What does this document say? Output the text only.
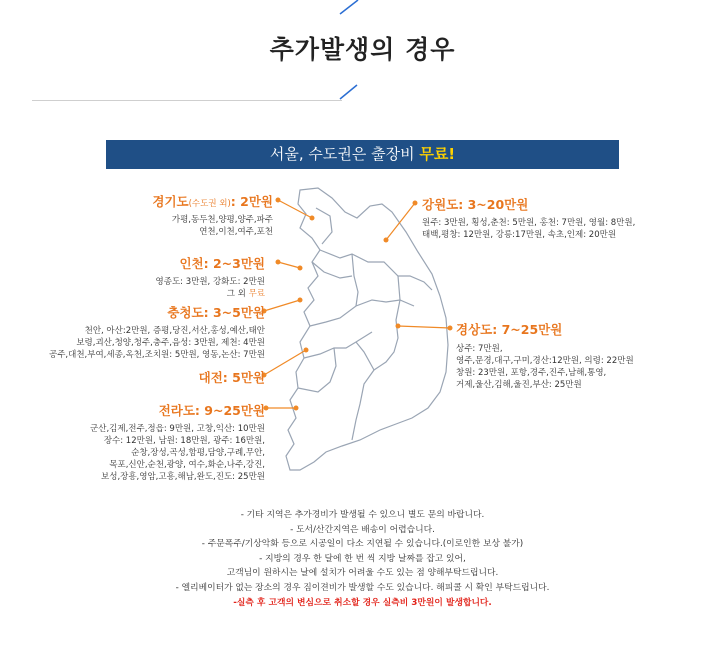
추가발생의 경우
서울, 수도권은 출장비 무료!
경기도(수도권 외): 2만원
가평,동두천,양평,양주,파주
연천,이천,여주,포천
인천: 2~3만원
영종도: 3만원, 강화도: 2만원
그 외 무료
충청도: 3~5만원
천안, 아산:2만원, 증평,당진,서산,홍성,예산,태안
보령,괴산,청양,청주,충주,음성: 3만원, 제천: 4만원
공주,대천,부여,세종,옥천,조치원: 5만원, 영동,논산: 7만원
대전: 5만원
전라도: 9~25만원
군산,김제,전주,정읍: 9만원, 고창,익산: 10만원
장수: 12만원, 남원: 18만원, 광주: 16만원,
순창,장성,곡성,함평,담양,구례,무안,
목포,신안,순천,광양, 여수,화순,나주,강진,
보성,장흥,영암,고흥,해남,완도,진도: 25만원
강원도: 3~20만원
원주: 3만원, 횡성,춘천: 5만원, 홍천: 7만원, 영월: 8만원,
태백,평창: 12만원, 강릉:17만원, 속초,인제: 20만원
경상도: 7~25만원
상주: 7만원,
영주,문경,대구,구미,경산:12만원, 의령: 22만원
창원: 23만원, 포항,경주,진주,남해,통영,
거제,울산,김해,울진,부산: 25만원
- 기타 지역은 추가경비가 발생될 수 있으니 별도 문의 바랍니다.
- 도서/산간지역은 배송이 어렵습니다.
- 주문폭주/기상악화 등으로 시공일이 다소 지연될 수 있습니다.(이로인한 보상 불가)
- 지방의 경우 한 달에 한 번 씩 지방 날짜를 잡고 있어,
고객님이 원하시는 날에 설치가 어려울 수도 있는 점 양해부탁드립니다.
- 엘리베이터가 없는 장소의 경우 짐이젼비가 발생할 수도 있습니다. 해피콜 시 확인 부탁드립니다.
-실측 후 고객의 변심으로 취소할 경우 실측비 3만원이 발생합니다.
